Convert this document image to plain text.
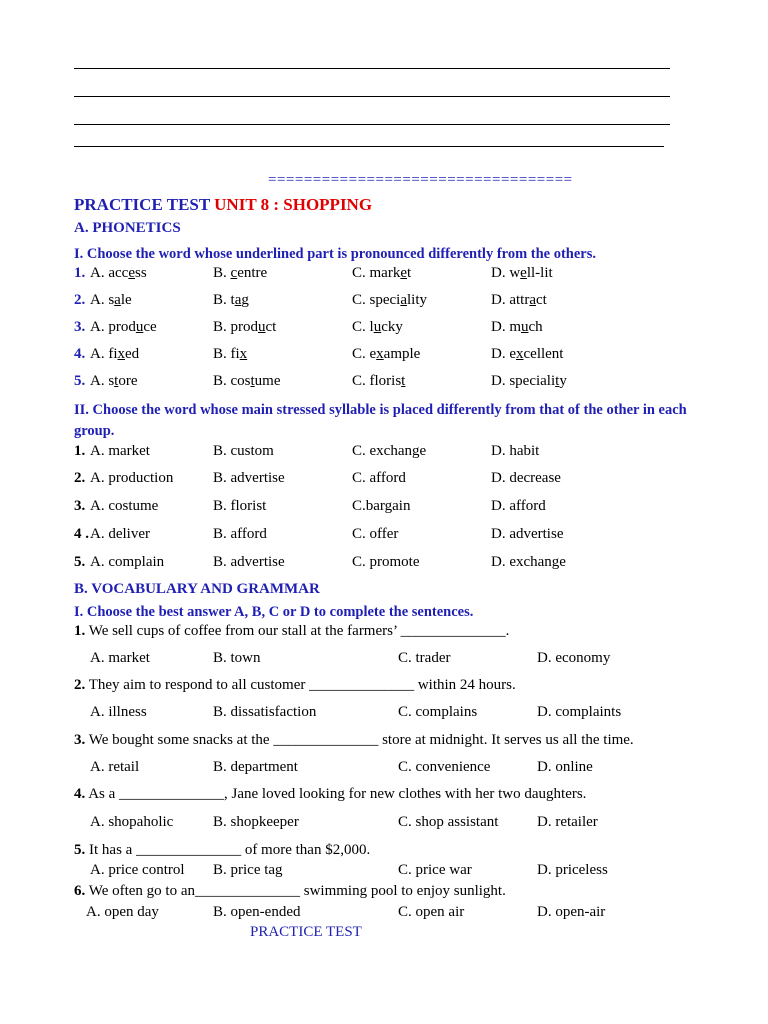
==================================
PRACTICE TEST UNIT 8 : SHOPPING
A. PHONETICS
I. Choose the word whose underlined part is pronounced differently from the others.
1. A. access	B. centre	C. market	D. well-lit
2. A. sale	B. tag	C. speciality	D. attract
3. A. produce	B. product	C. lucky	D. much
4. A. fixed	B. fix	C. example	D. excellent
5. A. store	B. costume	C. florist	D. speciality
II. Choose the word whose main stressed syllable is placed differently from that of the other in each group.
1. A. market	B. custom	C. exchange	D. habit
2. A. production	B. advertise	C. afford	D. decrease
3. A. costume	B. florist	C.bargain	D. afford
4 . A. deliver	B. afford	C. offer	D. advertise
5. A. complain	B. advertise	C. promote	D. exchange
B. VOCABULARY AND GRAMMAR
I. Choose the best answer A, B, C or D to complete the sentences.
1. We sell cups of coffee from our stall at the farmers’ ______________.
A. market	B. town	C. trader	D. economy
2. They aim to respond to all customer ______________ within 24 hours.
A. illness	B. dissatisfaction	C. complains	D. complaints
3. We bought some snacks at the ______________ store at midnight. It serves us all the time.
A. retail	B. department	C. convenience	D. online
4. As a ______________, Jane loved looking for new clothes with her two daughters.
A. shopaholic	B. shopkeeper	C. shop assistant	D. retailer
5. It has a ______________ of more than $2,000.
A. price control B. price tag	C. price war	D. priceless
6. We often go to an______________ swimming pool to enjoy sunlight.
A. open day	B. open-ended	C. open air	D. open-air
PRACTICE TEST
